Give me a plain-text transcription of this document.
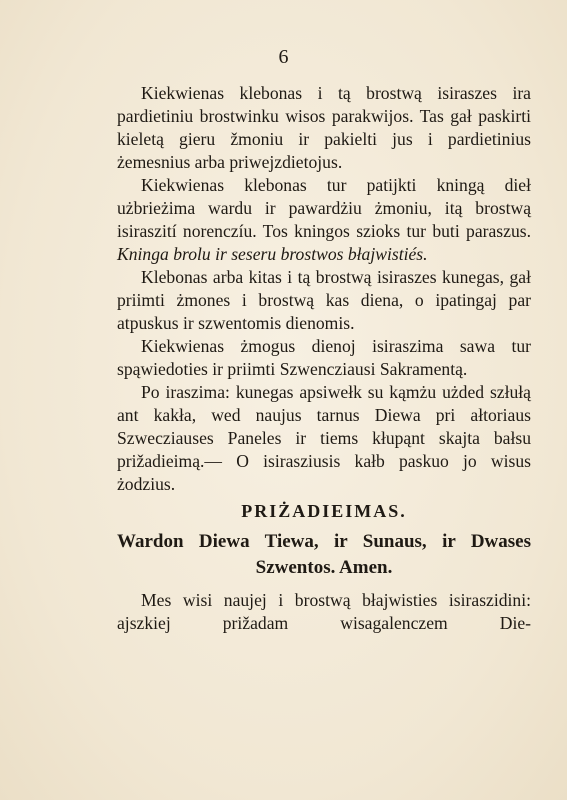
6

Kiekwienas klebonas i tą brostwą isiraszes ira pardietiniu brostwinku wisos parakwijos. Tas gał paskirti kieletą gieru žmoniu ir pakielti jus i pardietinius żemesnius arba priwejzdietojus.

Kiekwienas klebonas tur patijkti kningą dieł użbrieżima wardu ir pawardżiu żmoniu, itą brostwą isiraszití norenczíu. Tos kningos szioks tur buti paraszus. Kninga brolu ir seseru brostwos błajwistiés.

Klebonas arba kitas i tą brostwą isiraszes kunegas, gał priimti żmones i brostwą kas diena, o ipatingaj par atpuskus ir szwentomis dienomis.

Kiekwienas żmogus dienoj isiraszima sawa tur spąwiedoties ir priimti Szwencziausi Sakramentą.

Po iraszima: kunegas apsiwełk su kąmżu użded szłułą ant kakła, wed naujus tarnus Diewa pri ałtoriaus Szwecziauses Paneles ir tiems kłupąnt skajta bałsu prižadieimą.— O isirasziusis kałb paskuo jo wisus żodzius.

PRIŻADIEIMAS.
Wardon Diewa Tiewa, ir Sunaus, ir Dwases
Szwentos. Amen.

Mes wisi naujej i brostwą błajwisties isiraszidini: ajszkiej prižadam wisagalenczem Die-
